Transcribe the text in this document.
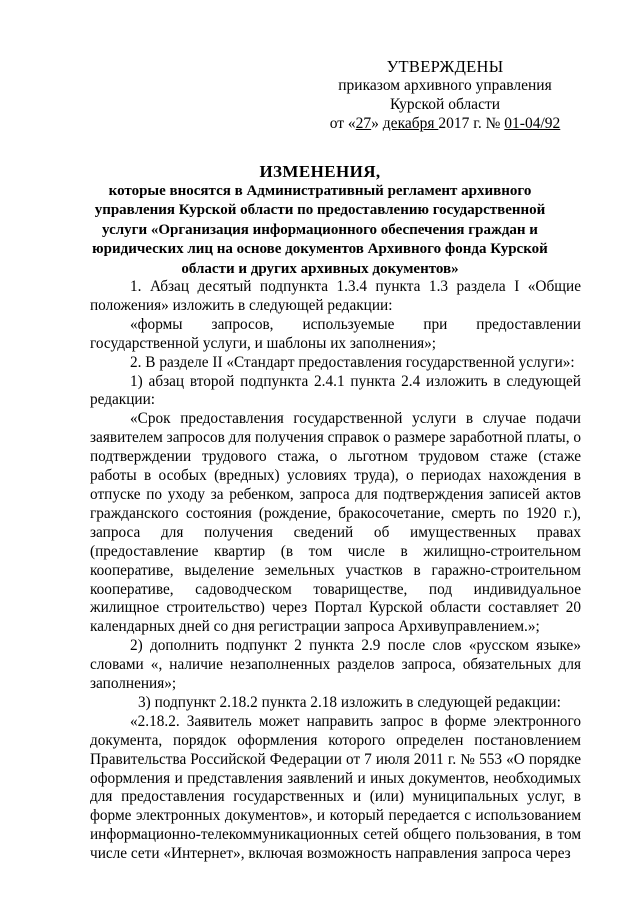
УТВЕРЖДЕНЫ
приказом архивного управления
Курской области
от «27» декабря 2017 г. № 01-04/92
ИЗМЕНЕНИЯ,
которые вносятся в Административный регламент архивного управления Курской области по предоставлению государственной услуги «Организация информационного обеспечения граждан и юридических лиц на основе документов Архивного фонда Курской области и других архивных документов»

1. Абзац десятый подпункта 1.3.4 пункта 1.3 раздела I «Общие положения» изложить в следующей редакции:

«формы запросов, используемые при предоставлении государственной услуги, и шаблоны их заполнения»;

2. В разделе II «Стандарт предоставления государственной услуги»:

1) абзац второй подпункта 2.4.1 пункта 2.4 изложить в следующей редакции:

«Срок предоставления государственной услуги в случае подачи заявителем запросов для получения справок о размере заработной платы, о подтверждении трудового стажа, о льготном трудовом стаже (стаже работы в особых (вредных) условиях труда), о периодах нахождения в отпуске по уходу за ребенком, запроса для подтверждения записей актов гражданского состояния (рождение, бракосочетание, смерть по 1920 г.), запроса для получения сведений об имущественных правах (предоставление квартир (в том числе в жилищно-строительном кооперативе, выделение земельных участков в гаражно-строительном кооперативе, садоводческом товариществе, под индивидуальное жилищное строительство) через Портал Курской области составляет 20 календарных дней со дня регистрации запроса Архивуправлением.»;

2) дополнить подпункт 2 пункта 2.9 после слов «русском языке» словами «, наличие незаполненных разделов запроса, обязательных для заполнения»;

3) подпункт 2.18.2 пункта 2.18 изложить в следующей редакции:

«2.18.2. Заявитель может направить запрос в форме электронного документа, порядок оформления которого определен постановлением Правительства Российской Федерации от 7 июля 2011 г. № 553 «О порядке оформления и представления заявлений и иных документов, необходимых для предоставления государственных и (или) муниципальных услуг, в форме электронных документов», и который передается с использованием информационно-телекоммуникационных сетей общего пользования, в том числе сети «Интернет», включая возможность направления запроса через
